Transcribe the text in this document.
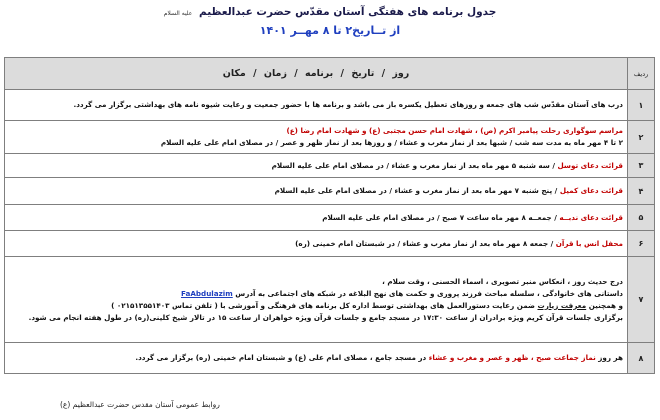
جدول برنامه های هفتگی آستان مقدّس حضرت عبدالعظیم علیه السلام
از تــاریخ۲ تا ۸ مهــر ۱۴۰۱
ردیف	روز / تاریخ / برنامه / زمان / مکان
۱	درب های آستان مقدّس شب های جمعه و روزهای تعطیل یکسره باز می باشد و برنامه ها با حضور جمعیت و رعایت شیوه نامه های بهداشتی برگزار می گردد.
۲	مراسم سوگواری رحلت پیامبر اکرم (ص) ، شهادت امام حسن مجتبی (ع) و شهادت امام رضا (ع)
۲ تا ۴ مهر ماه به مدت سه شب / شبها بعد از نماز مغرب و عشاء / و روزها بعد از نماز ظهر و عصر / در مصلای امام علی علیه السلام

۳	قرائت دعای توسل / سه شنبه ۵ مهر ماه بعد از نماز مغرب و عشاء / در مصلای امام علی علیه السلام
۴	قرائت دعای کمیل / پنج شنبه ۷ مهر ماه بعد از نماز مغرب و عشاء / در مصلای امام علی علیه السلام
۵	قرائت دعای ندبــه / جمعــه ۸ مهر ماه ساعت ۷ صبح / در مصلای امام علی علیه السلام
۶	محفل انس با قرآن / جمعه ۸ مهر ماه بعد از نماز مغرب و عشاء / در شبستان امام خمینی (ره)
۷	درج حدیث روز ، انعکاس منبر تصویری ، اسماء الحسنی ، وقت سلام ،
داستانی های خانوادگی ، سلسله مباحث فرزند پروری و حکمت های نهج البلاغه در شبکه های اجتماعی به آدرس FaAbdulazim
و همچنین معرفت زیارت ضمن رعایت دستورالعمل های بهداشتی توسط اداره کل برنامه های فرهنگی و آموزشی با ( تلفن تماس ۰۲۱۵۱۳۵۵۱۴۰۳ )
برگزاری جلسات قرآن کریم ویژه برادران از ساعت ۱۷:۳۰ در مسجد جامع و جلسات قرآن ویژه خواهران از ساعت ۱۵ در تالار شیخ کلینی(ره) در طول هفته انجام می شود.

۸	هر روز نماز جماعت صبح ، ظهر و عصر و مغرب و عشاء در مسجد جامع ، مصلای امام علی (ع) و شبستان امام خمینی (ره) برگزار می گردد.
روابط عمومی آستان مقدس حضرت عبدالعظیم (ع)
